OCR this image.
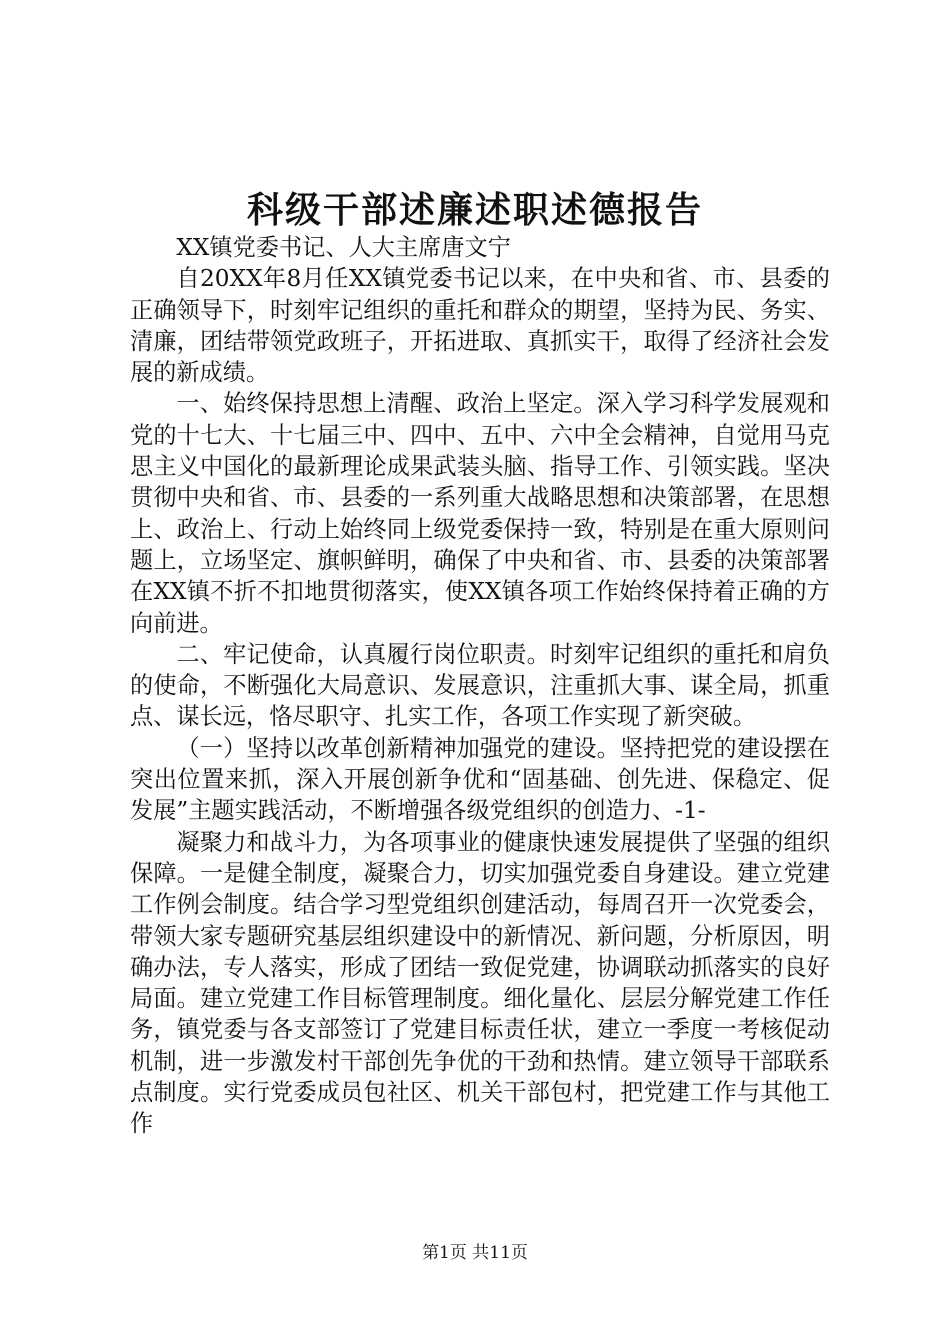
科级干部述廉述职述德报告

XX镇党委书记、人大主席唐文宁

自20XX年8月任XX镇党委书记以来，在中央和省、市、县委的正确领导下，时刻牢记组织的重托和群众的期望，坚持为民、务实、清廉，团结带领党政班子，开拓进取、真抓实干，取得了经济社会发展的新成绩。

一、始终保持思想上清醒、政治上坚定。深入学习科学发展观和党的十七大、十七届三中、四中、五中、六中全会精神，自觉用马克思主义中国化的最新理论成果武装头脑、指导工作、引领实践。坚决贯彻中央和省、市、县委的一系列重大战略思想和决策部署，在思想上、政治上、行动上始终同上级党委保持一致，特别是在重大原则问题上，立场坚定、旗帜鲜明，确保了中央和省、市、县委的决策部署在XX镇不折不扣地贯彻落实，使XX镇各项工作始终保持着正确的方向前进。

二、牢记使命，认真履行岗位职责。时刻牢记组织的重托和肩负的使命，不断强化大局意识、发展意识，注重抓大事、谋全局，抓重点、谋长远，恪尽职守、扎实工作，各项工作实现了新突破。

（一）坚持以改革创新精神加强党的建设。坚持把党的建设摆在突出位置来抓，深入开展创新争优和“固基础、创先进、保稳定、促发展”主题实践活动，不断增强各级党组织的创造力、-1-

凝聚力和战斗力，为各项事业的健康快速发展提供了坚强的组织保障。一是健全制度，凝聚合力，切实加强党委自身建设。建立党建工作例会制度。结合学习型党组织创建活动，每周召开一次党委会，带领大家专题研究基层组织建设中的新情况、新问题，分析原因，明确办法，专人落实，形成了团结一致促党建，协调联动抓落实的良好局面。建立党建工作目标管理制度。细化量化、层层分解党建工作任务，镇党委与各支部签订了党建目标责任状，建立一季度一考核促动机制，进一步激发村干部创先争优的干劲和热情。建立领导干部联系点制度。实行党委成员包社区、机关干部包村，把党建工作与其他工作

第1页 共11页
